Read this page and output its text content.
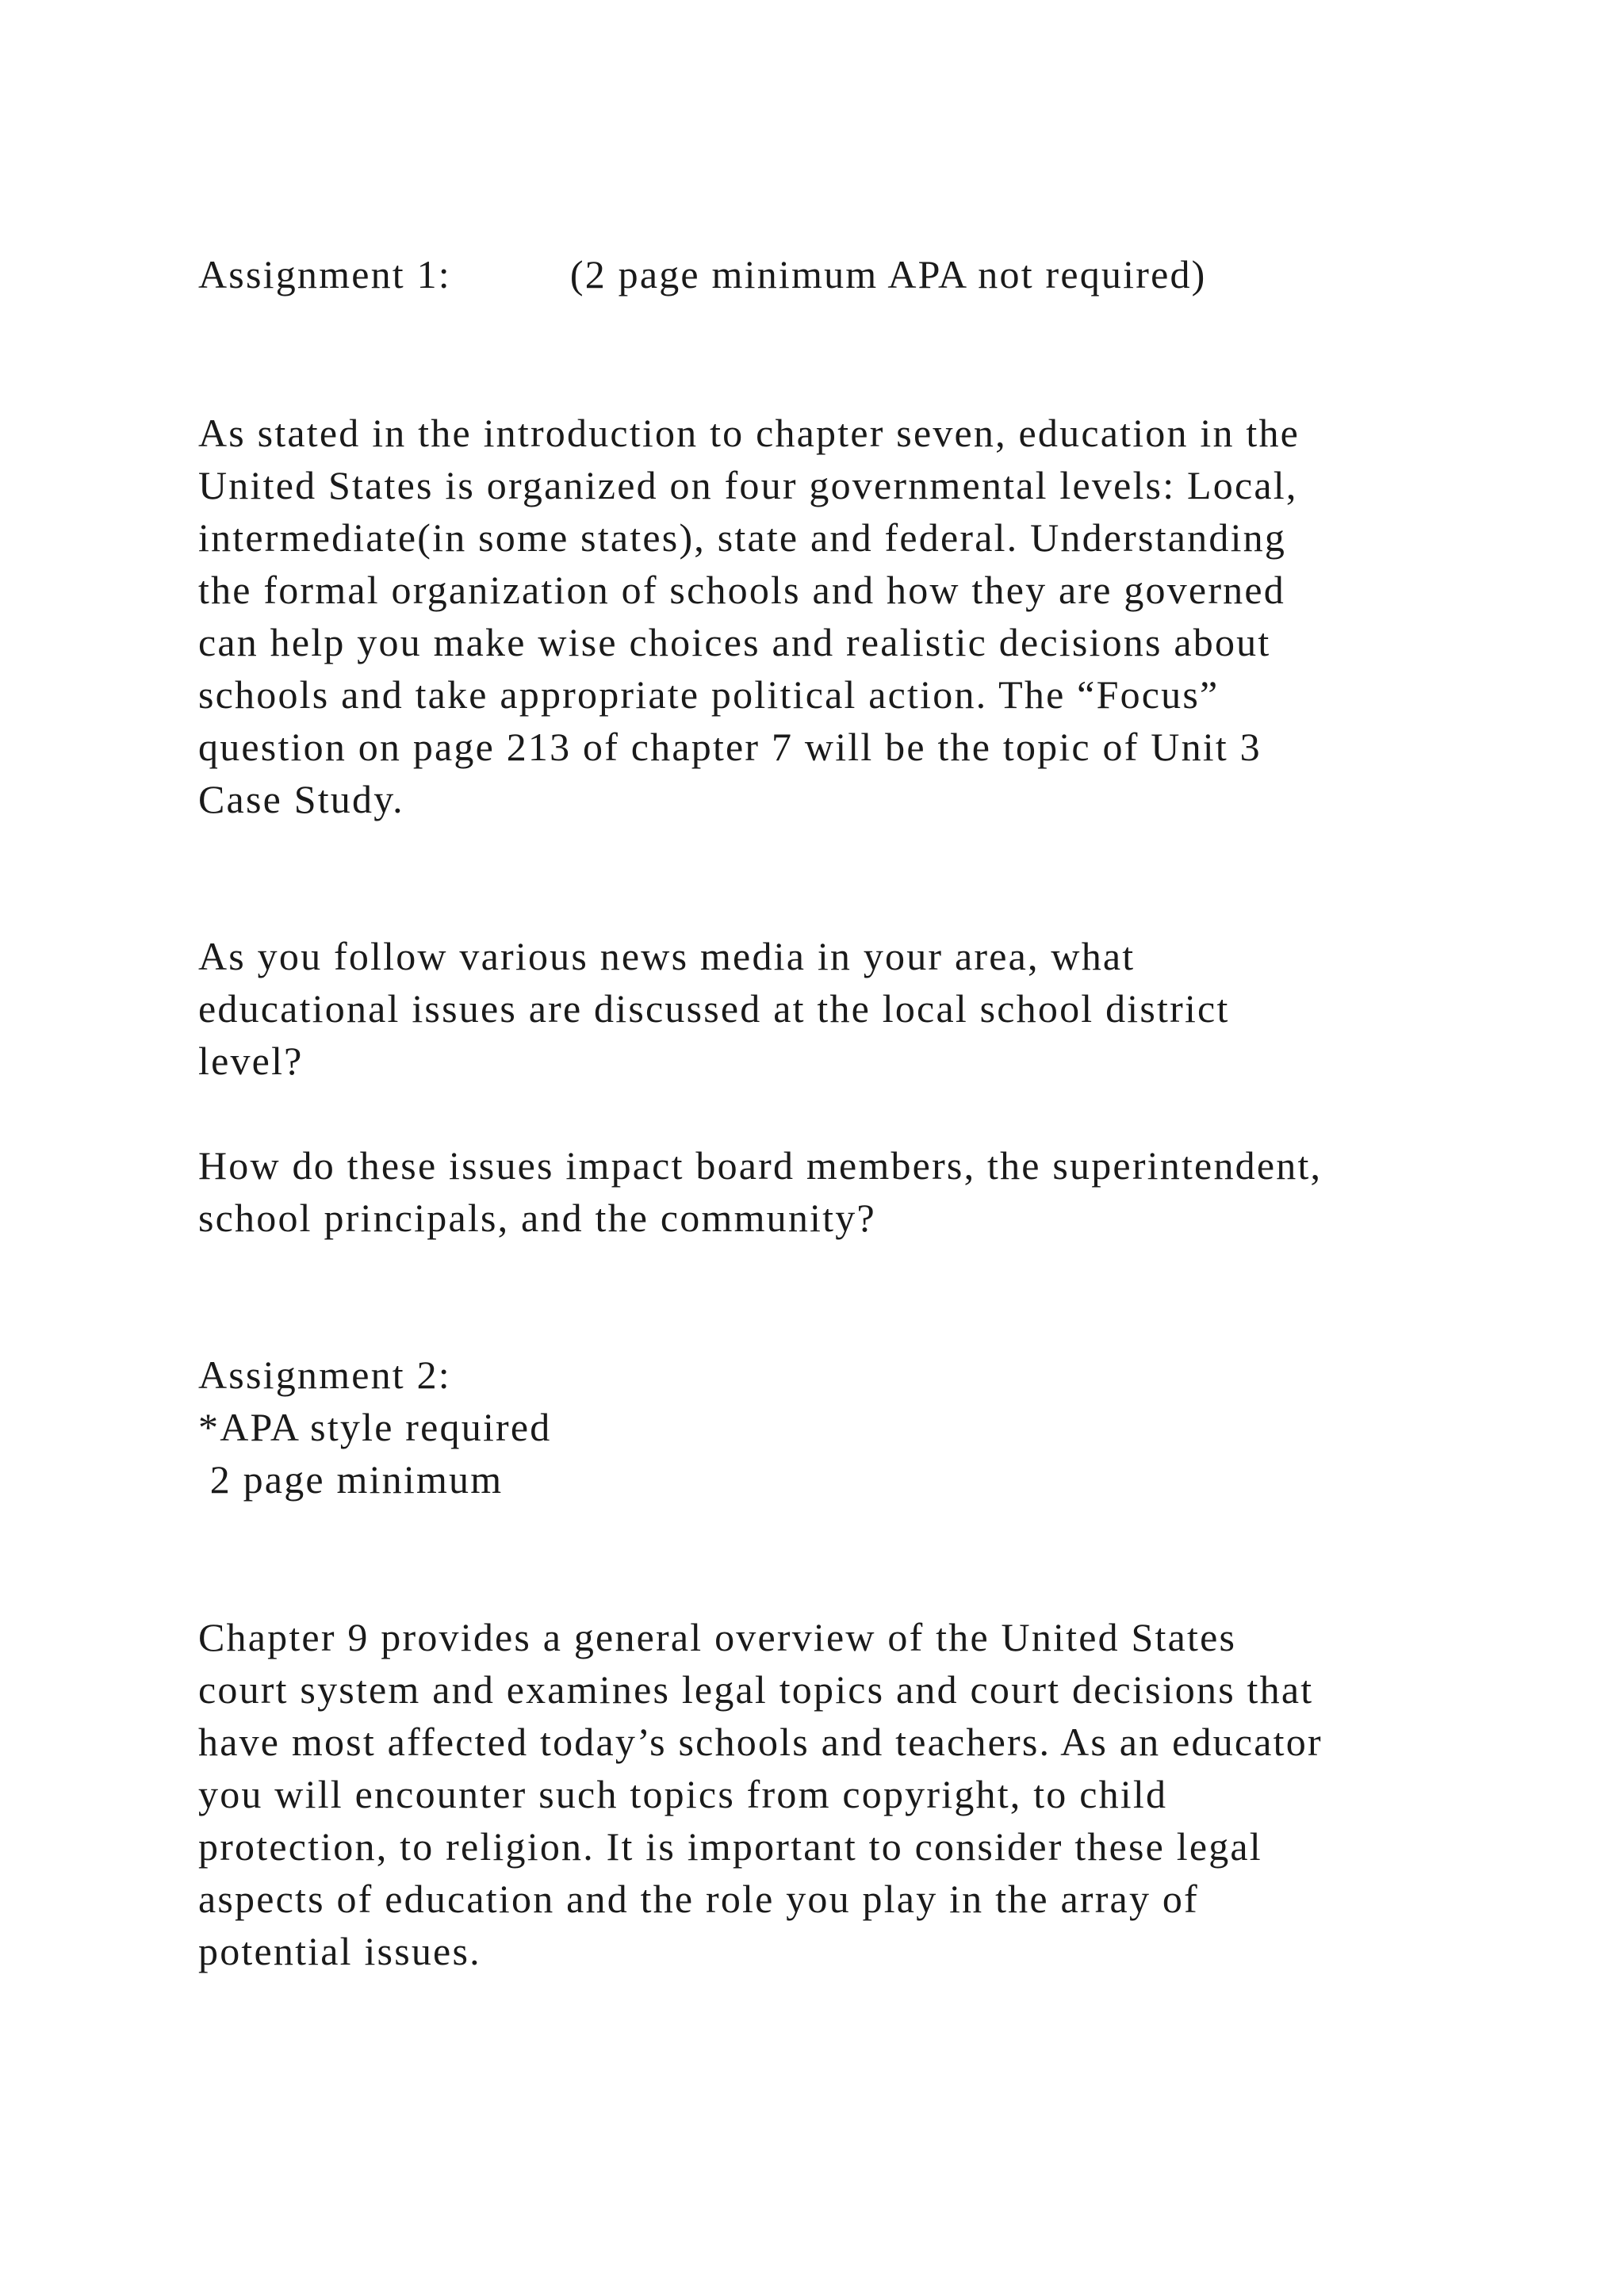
Assignment 1:	(2 page minimum APA not required)
As stated in the introduction to chapter seven, education in the
United States is organized on four governmental levels: Local,
intermediate(in some states), state and federal. Understanding
the formal organization of schools and how they are governed
can help you make wise choices and realistic decisions about
schools and take appropriate political action. The “Focus”
question on page 213 of chapter 7 will be the topic of Unit 3
Case Study.
As you follow various news media in your area, what
educational issues are discussed at the local school district
level?
How do these issues impact board members, the superintendent,
school principals, and the community?
Assignment 2:
*APA style required
2 page minimum
Chapter 9 provides a general overview of the United States
court system and examines legal topics and court decisions that
have most affected today’s schools and teachers. As an educator
you will encounter such topics from copyright, to child
protection, to religion. It is important to consider these legal
aspects of education and the role you play in the array of
potential issues.
